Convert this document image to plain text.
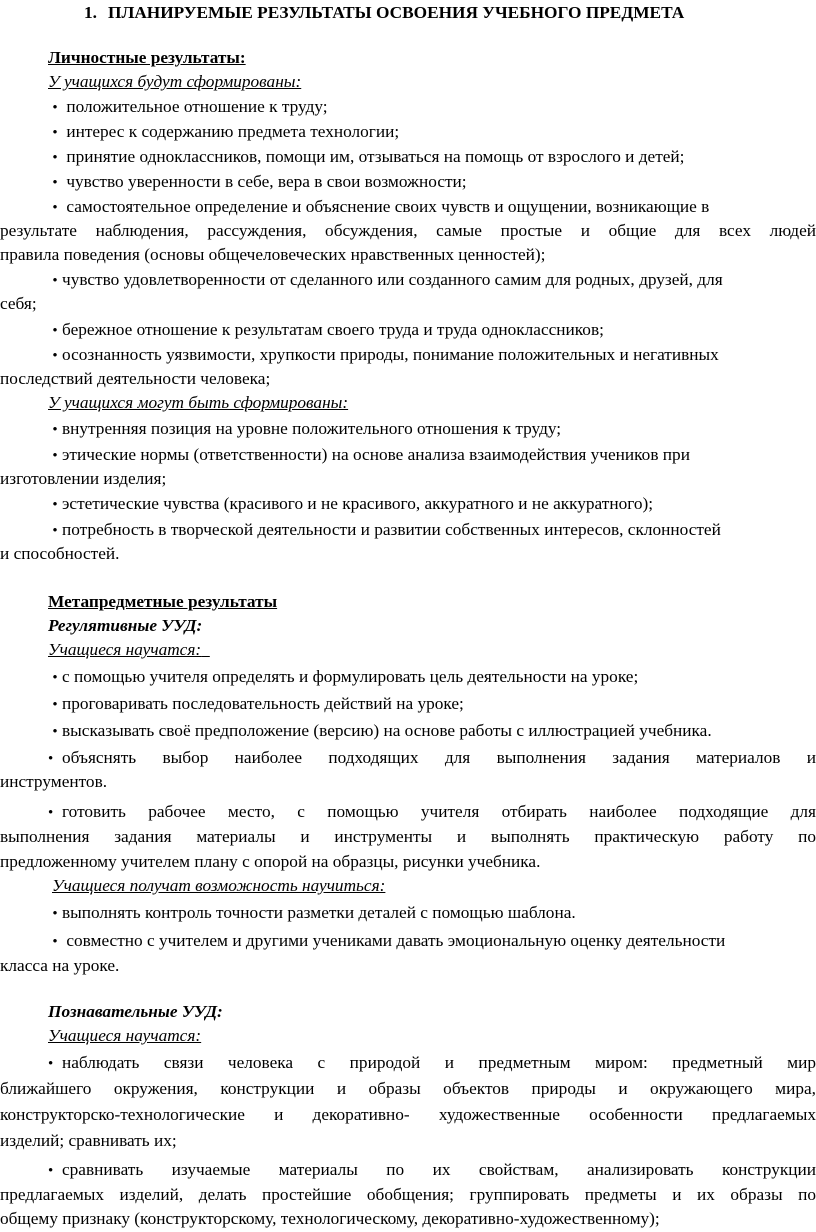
1. ПЛАНИРУЕМЫЕ РЕЗУЛЬТАТЫ ОСВОЕНИЯ УЧЕБНОГО ПРЕДМЕТА
Личностные результаты:
У учащихся будут сформированы:
• положительное отношение к труду;
• интерес к содержанию предмета технологии;
• принятие одноклассников, помощи им, отзываться на помощь от взрослого и детей;
• чувство уверенности в себе, вера в свои возможности;
• самостоятельное определение и объяснение своих чувств и ощущении, возникающие в
результате наблюдения, рассуждения, обсуждения, самые простые и общие для всех людей
правила поведения (основы общечеловеческих нравственных ценностей);
• чувство удовлетворенности от сделанного или созданного самим для родных, друзей, для
себя;
• бережное отношение к результатам своего труда и труда одноклассников;
• осознанность уязвимости, хрупкости природы, понимание положительных и негативных
последствий деятельности человека;
У учащихся могут быть сформированы:
• внутренняя позиция на уровне положительного отношения к труду;
• этические нормы (ответственности) на основе анализа взаимодействия учеников при
изготовлении изделия;
• эстетические чувства (красивого и не красивого, аккуратного и не аккуратного);
• потребность в творческой деятельности и развитии собственных интересов, склонностей
и способностей.
Метапредметные результаты
Регулятивные УУД:
Учащиеся научатся:
• с помощью учителя определять и формулировать цель деятельности на уроке;
• проговаривать последовательность действий на уроке;
• высказывать своё предположение (версию) на основе работы с иллюстрацией учебника.
• объяснять выбор наиболее подходящих для выполнения задания материалов и
инструментов.
• готовить рабочее место, с помощью учителя отбирать наиболее подходящие для
выполнения задания материалы и инструменты и выполнять практическую работу по
предложенному учителем плану с опорой на образцы, рисунки учебника.
Учащиеся получат возможность научиться:
• выполнять контроль точности разметки деталей с помощью шаблона.
• совместно с учителем и другими учениками давать эмоциональную оценку деятельности
класса на уроке.
Познавательные УУД:
Учащиеся научатся:
• наблюдать связи человека с природой и предметным миром: предметный мир
ближайшего окружения, конструкции и образы объектов природы и окружающего мира,
конструкторско-технологические и декоративно- художественные особенности предлагаемых
изделий; сравнивать их;
• сравнивать изучаемые материалы по их свойствам, анализировать конструкции
предлагаемых изделий, делать простейшие обобщения; группировать предметы и их образы по
общему признаку (конструкторскому, технологическому, декоративно-художественному);
